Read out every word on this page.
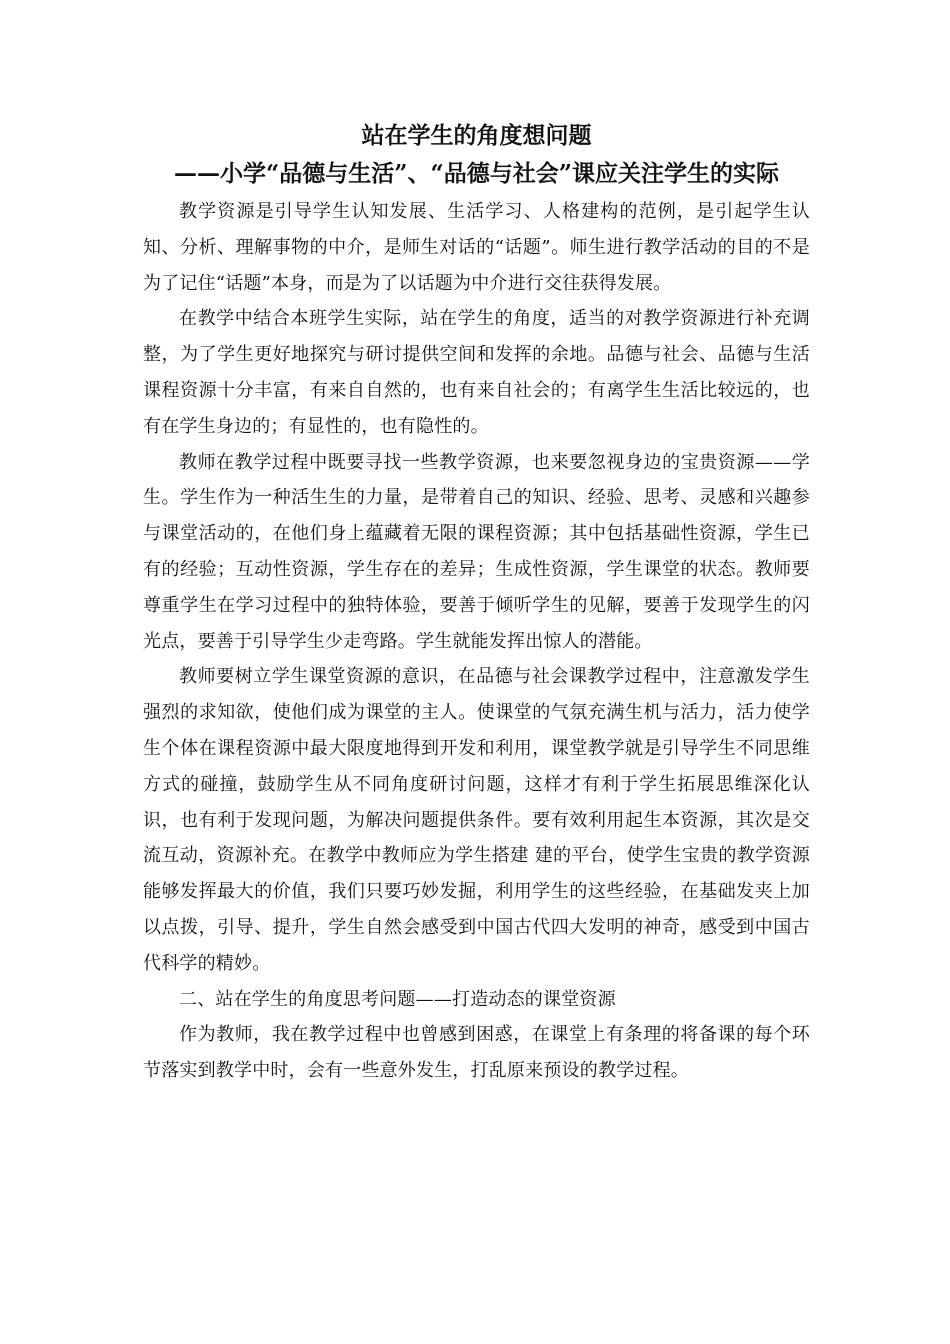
站在学生的角度想问题
——小学“品德与生活”、“品德与社会”课应关注学生的实际

教学资源是引导学生认知发展、生活学习、人格建构的范例，是引起学生认知、分析、理解事物的中介，是师生对话的“话题”。师生进行教学活动的目的不是为了记住“话题”本身，而是为了以话题为中介进行交往获得发展。

在教学中结合本班学生实际，站在学生的角度，适当的对教学资源进行补充调整，为了学生更好地探究与研讨提供空间和发挥的余地。品德与社会、品德与生活课程资源十分丰富，有来自自然的，也有来自社会的；有离学生生活比较远的，也有在学生身边的；有显性的，也有隐性的。

教师在教学过程中既要寻找一些教学资源，也来要忽视身边的宝贵资源——学生。学生作为一种活生生的力量，是带着自己的知识、经验、思考、灵感和兴趣参与课堂活动的，在他们身上蕴藏着无限的课程资源；其中包括基础性资源，学生已有的经验；互动性资源，学生存在的差异；生成性资源，学生课堂的状态。教师要尊重学生在学习过程中的独特体验，要善于倾听学生的见解，要善于发现学生的闪光点，要善于引导学生少走弯路。学生就能发挥出惊人的潜能。

教师要树立学生课堂资源的意识，在品德与社会课教学过程中，注意激发学生强烈的求知欲，使他们成为课堂的主人。使课堂的气氛充满生机与活力，活力使学生个体在课程资源中最大限度地得到开发和利用，课堂教学就是引导学生不同思维方式的碰撞，鼓励学生从不同角度研讨问题，这样才有利于学生拓展思维深化认识，也有利于发现问题，为解决问题提供条件。要有效利用起生本资源，其次是交流互动，资源补充。在教学中教师应为学生搭建 建的平台，使学生宝贵的教学资源能够发挥最大的价值，我们只要巧妙发掘，利用学生的这些经验，在基础发夹上加以点拨，引导、提升，学生自然会感受到中国古代四大发明的神奇，感受到中国古代科学的精妙。

二、站在学生的角度思考问题——打造动态的课堂资源

作为教师，我在教学过程中也曾感到困惑，在课堂上有条理的将备课的每个环节落实到教学中时，会有一些意外发生，打乱原来预设的教学过程。
